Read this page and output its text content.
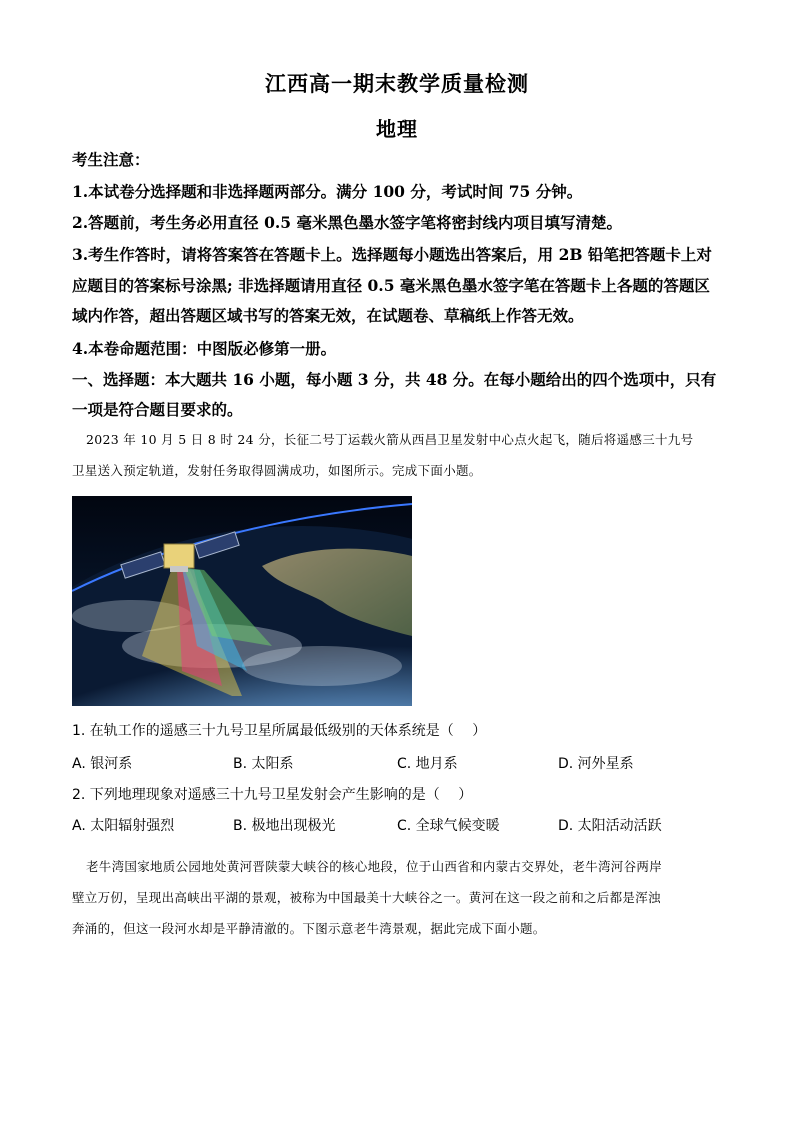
江西高一期末教学质量检测
地理
考生注意：
1.本试卷分选择题和非选择题两部分。满分 100 分，考试时间 75 分钟。
2.答题前，考生务必用直径 0.5 毫米黑色墨水签字笔将密封线内项目填写清楚。
3.考生作答时，请将答案答在答题卡上。选择题每小题选出答案后，用 2B 铅笔把答题卡上对
应题目的答案标号涂黑; 非选择题请用直径 0.5 毫米黑色墨水签字笔在答题卡上各题的答题区
域内作答，超出答题区域书写的答案无效，在试题卷、草稿纸上作答无效。
4.本卷命题范围：中图版必修第一册。
一、选择题：本大题共 16 小题，每小题 3 分，共 48 分。在每小题给出的四个选项中，只有
一项是符合题目要求的。
2023 年 10 月 5 日 8 时 24 分，长征二号丁运载火箭从西昌卫星发射中心点火起飞，随后将遥感三十九号
卫星送入预定轨道，发射任务取得圆满成功，如图所示。完成下面小题。
1. 在轨工作的遥感三十九号卫星所属最低级别的天体系统是（　 ）
A. 银河系	B. 太阳系	C. 地月系	D. 河外星系
2. 下列地理现象对遥感三十九号卫星发射会产生影响的是（　 ）
A. 太阳辐射强烈	B. 极地出现极光	C. 全球气候变暖	D. 太阳活动活跃
老牛湾国家地质公园地处黄河晋陕蒙大峡谷的核心地段，位于山西省和内蒙古交界处，老牛湾河谷两岸
壁立万仞，呈现出高峡出平湖的景观，被称为中国最美十大峡谷之一。黄河在这一段之前和之后都是浑浊
奔涌的，但这一段河水却是平静清澈的。下图示意老牛湾景观，据此完成下面小题。
